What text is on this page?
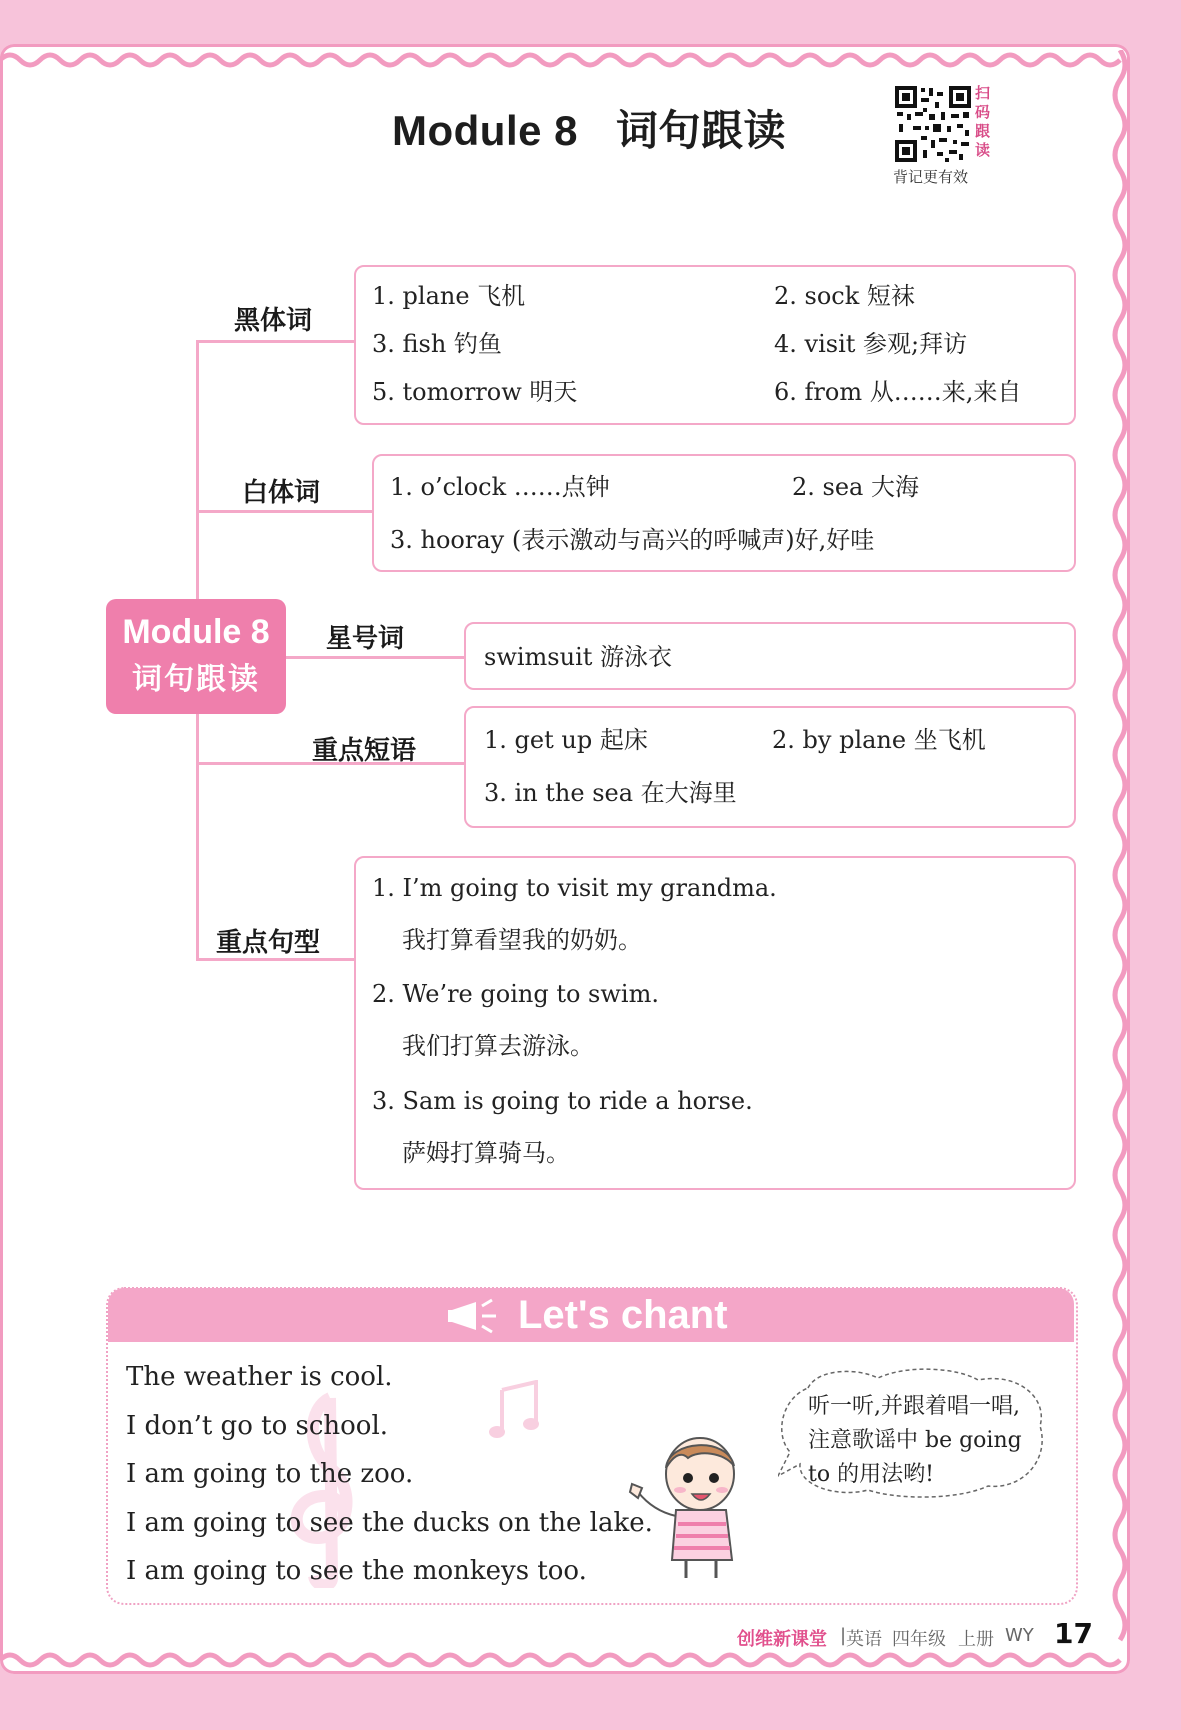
Module 8 词句跟读
扫码跟读
背记更有效
Module 8
词句跟读
黑体词
1. plane 飞机	2. sock 短袜
3. fish 钓鱼	4. visit 参观;拜访
5. tomorrow 明天	6. from 从……来,来自
白体词	1. o’clock ……点钟	2. sea 大海
3. hooray (表示激动与高兴的呼喊声)好,好哇
星号词
swimsuit 游泳衣
重点短语	1. get up 起床	2. by plane 坐飞机
3. in the sea 在大海里
重点句型
1. I’m going to visit my grandma.
我打算看望我的奶奶。
2. We’re going to swim.
我们打算去游泳。
3. Sam is going to ride a horse.
萨姆打算骑马。
Let's chant
The weather is cool.
I don’t go to school.
I am going to the zoo.
I am going to see the ducks on the lake.
I am going to see the monkeys too.
听一听,并跟着唱一唱,注意歌谣中 be going to 的用法哟!
创维新课堂 | 英语 四年级 上册 WY 17
